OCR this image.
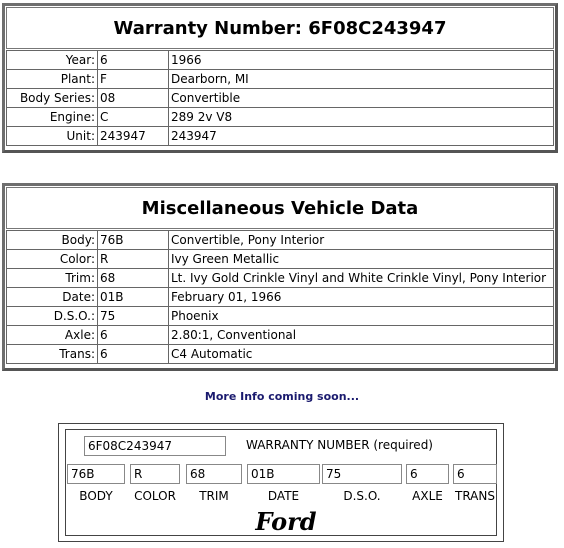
Warranty Number: 6F08C243947
Year:	6	1966
Plant:	F	Dearborn, MI
Body Series:	08	Convertible
Engine:	C	289 2v V8
Unit:	243947	243947
Miscellaneous Vehicle Data
Body:	76B	Convertible, Pony Interior
Color:	R	Ivy Green Metallic
Trim:	68	Lt. Ivy Gold Crinkle Vinyl and White Crinkle Vinyl, Pony Interior
Date:	01B	February 01, 1966
D.S.O.:	75	Phoenix
Axle:	6	2.80:1, Conventional
Trans:	6	C4 Automatic
More Info coming soon...
6F08C243947	WARRANTY NUMBER (required)
76B	R	68	01B	75	6	6
BODY	COLOR	TRIM	DATE	D.S.O.	AXLE	TRANS
Ford
